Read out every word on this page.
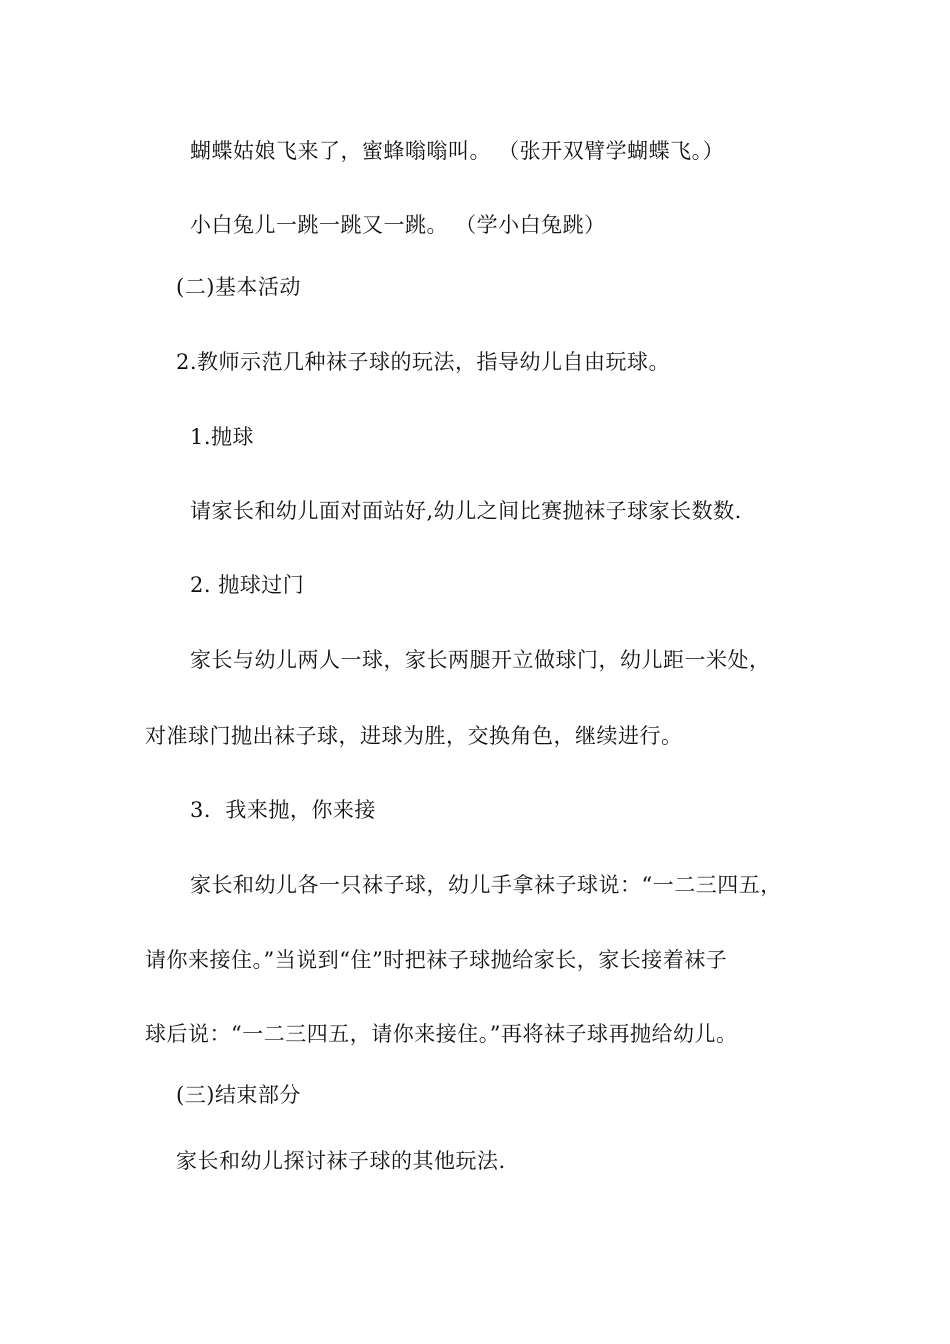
蝴蝶姑娘飞来了，蜜蜂嗡嗡叫。 （张开双臂学蝴蝶飞。）
小白兔儿一跳一跳又一跳。 （学小白兔跳）
(二)基本活动
2.教师示范几种袜子球的玩法，指导幼儿自由玩球。
1.抛球
请家长和幼儿面对面站好,幼儿之间比赛抛袜子球家长数数.
2. 抛球过门
家长与幼儿两人一球，家长两腿开立做球门，幼儿距一米处，
对准球门抛出袜子球，进球为胜，交换角色，继续进行。
3．我来抛，你来接
家长和幼儿各一只袜子球，幼儿手拿袜子球说：“一二三四五，
请你来接住。”当说到“住”时把袜子球抛给家长，家长接着袜子
球后说：“一二三四五，请你来接住。”再将袜子球再抛给幼儿。
(三)结束部分
家长和幼儿探讨袜子球的其他玩法.
